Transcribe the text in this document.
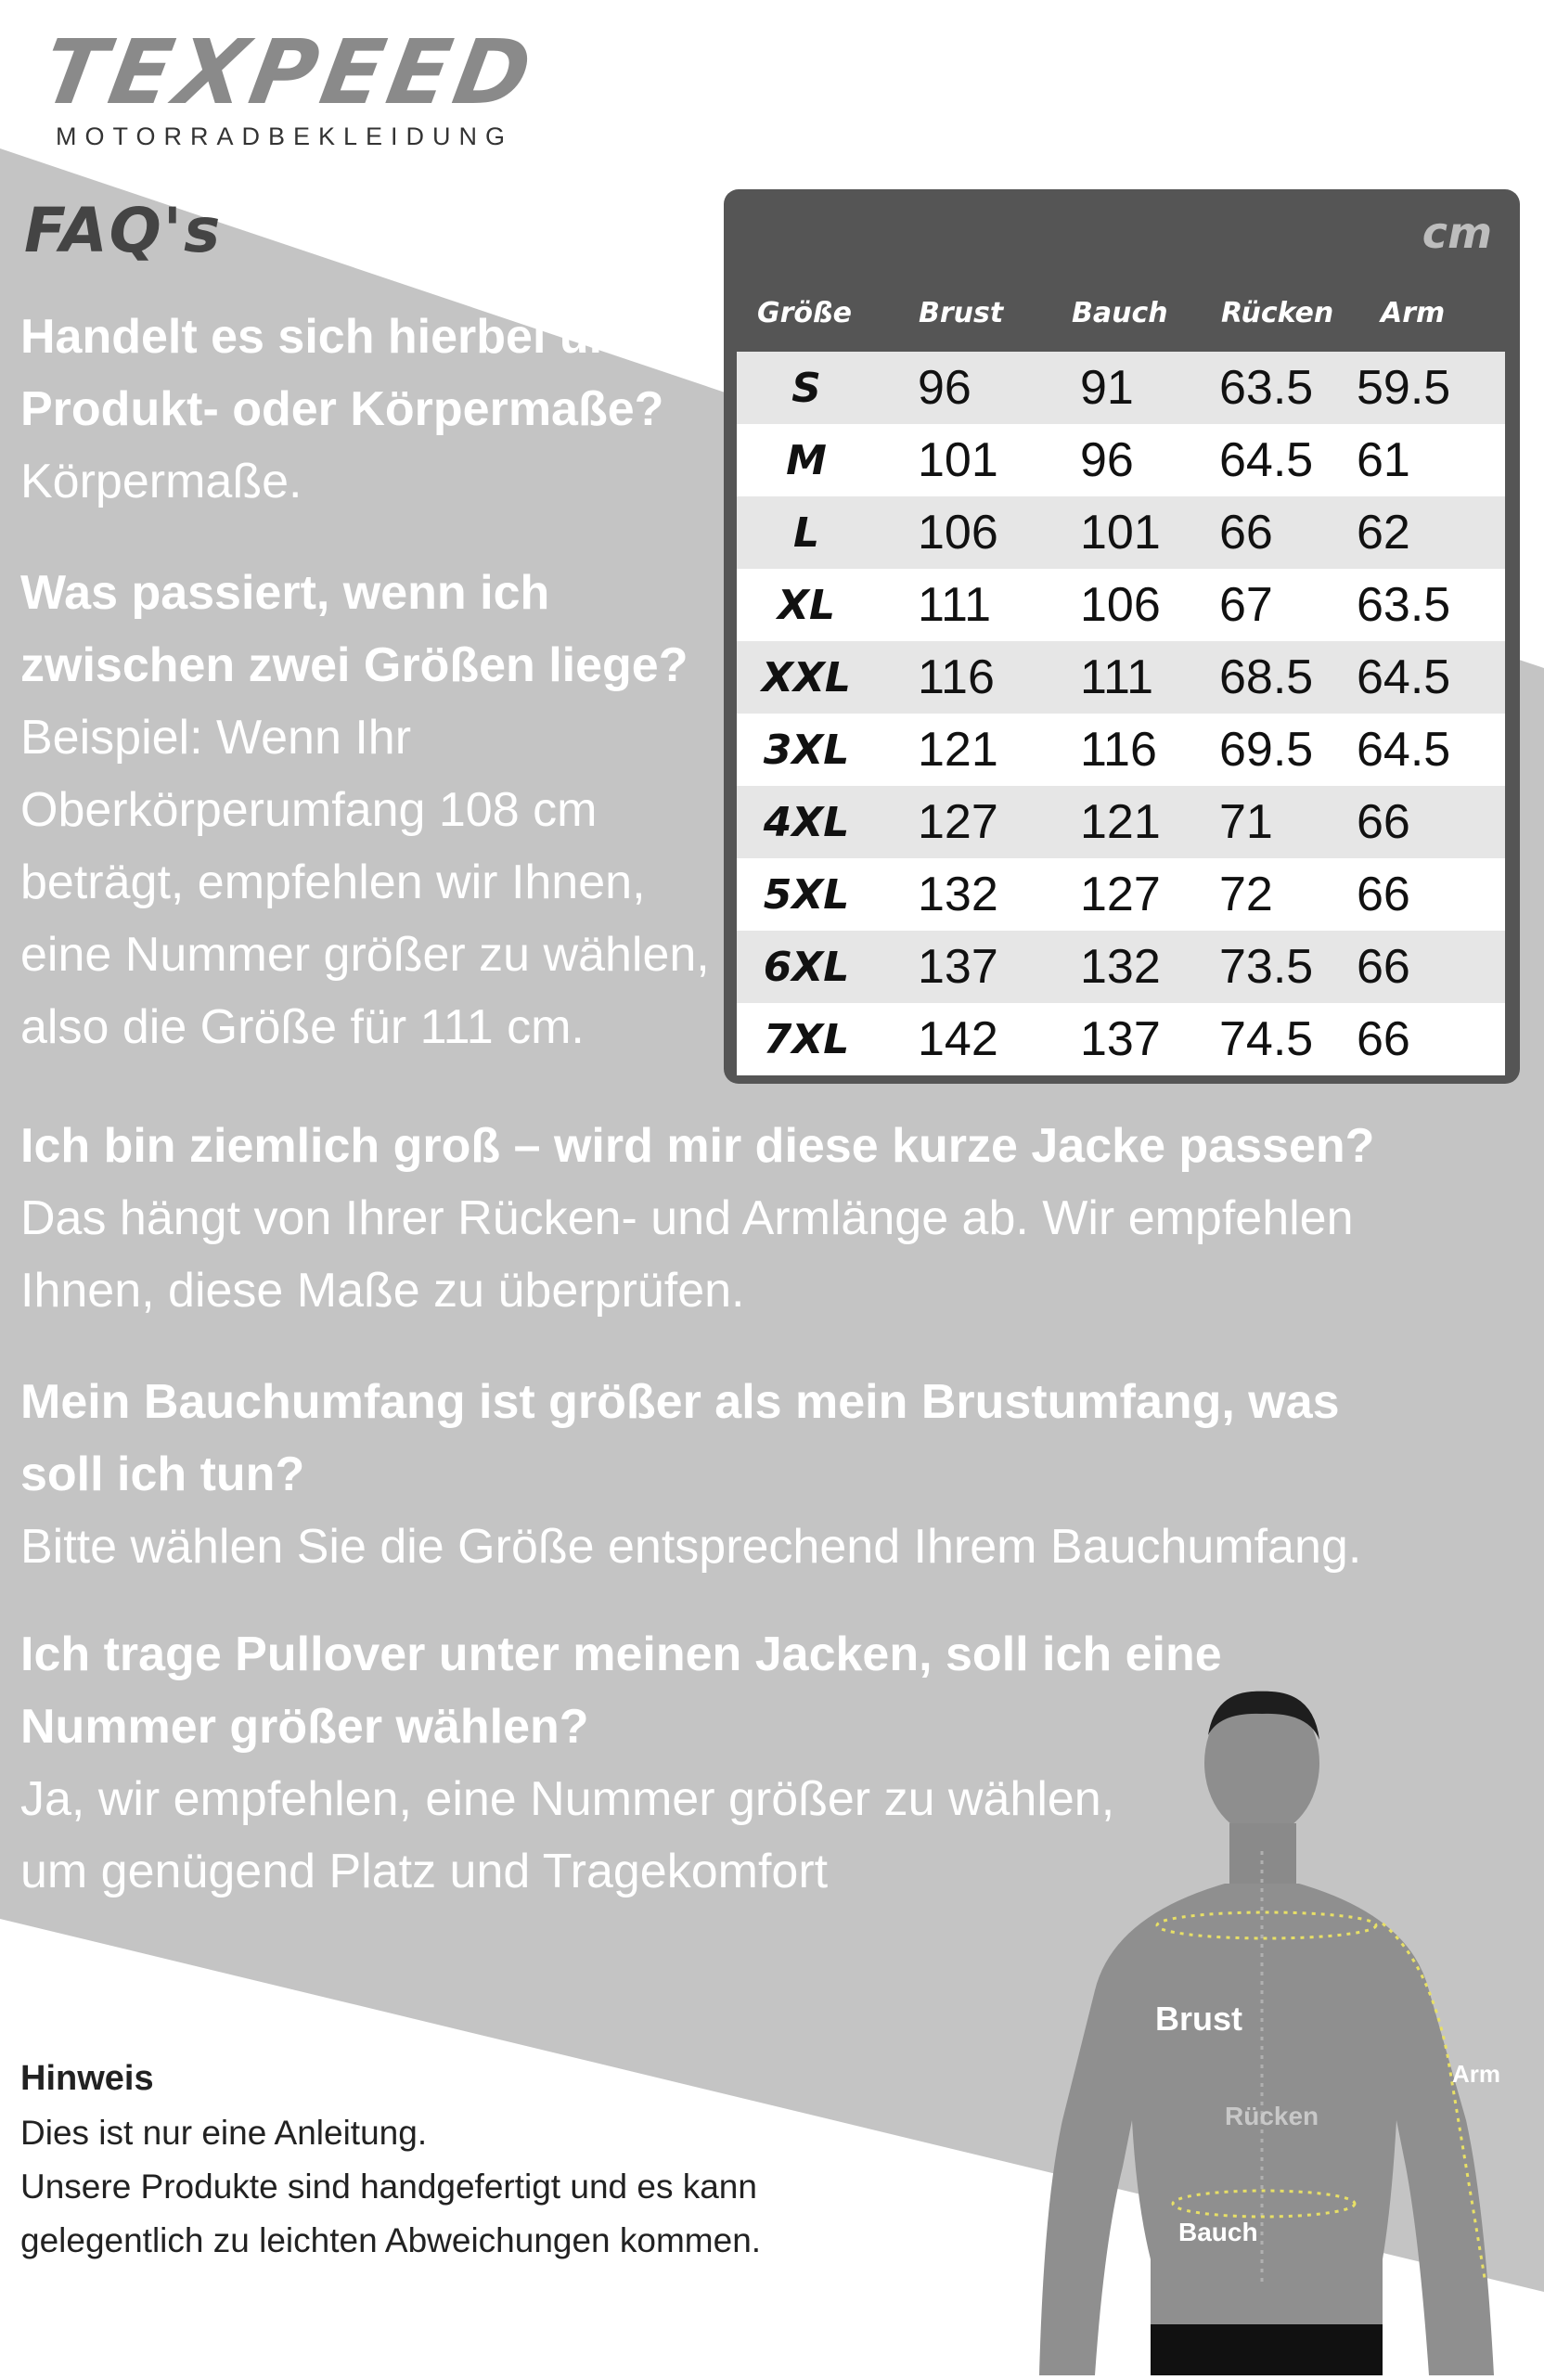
TEXPEED
MOTORRADBEKLEIDUNG
FAQ's
Handelt es sich hierbei um
Produkt- oder Körpermaße?
Körpermaße.
Was passiert, wenn ich
zwischen zwei Größen liege?
Beispiel: Wenn Ihr
Oberkörperumfang 108 cm
beträgt, empfehlen wir Ihnen,
eine Nummer größer zu wählen,
also die Größe für 111 cm.
Ich bin ziemlich groß – wird mir diese kurze Jacke passen?
Das hängt von Ihrer Rücken- und Armlänge ab. Wir empfehlen
Ihnen, diese Maße zu überprüfen.
Mein Bauchumfang ist größer als mein Brustumfang, was
soll ich tun?
Bitte wählen Sie die Größe entsprechend Ihrem Bauchumfang.
Ich trage Pullover unter meinen Jacken, soll ich eine
Nummer größer wählen?
Ja, wir empfehlen, eine Nummer größer zu wählen,
um genügend Platz und Tragekomfort
cm
Größe Brust Bauch Rücken Arm
S	96 91 63.5 59.5
M	101 96 64.5 61
L	106 101 66 62
XL	111 106 67 63.5
XXL	116 111 68.5 64.5
3XL	121 116 69.5 64.5
4XL	127 121 71 66
5XL	132 127 72 66
6XL	137 132 73.5 66
7XL	142 137 74.5 66
Hinweis
Dies ist nur eine Anleitung.
Unsere Produkte sind handgefertigt und es kann
gelegentlich zu leichten Abweichungen kommen.
Brust
Rücken
Bauch
Arm
